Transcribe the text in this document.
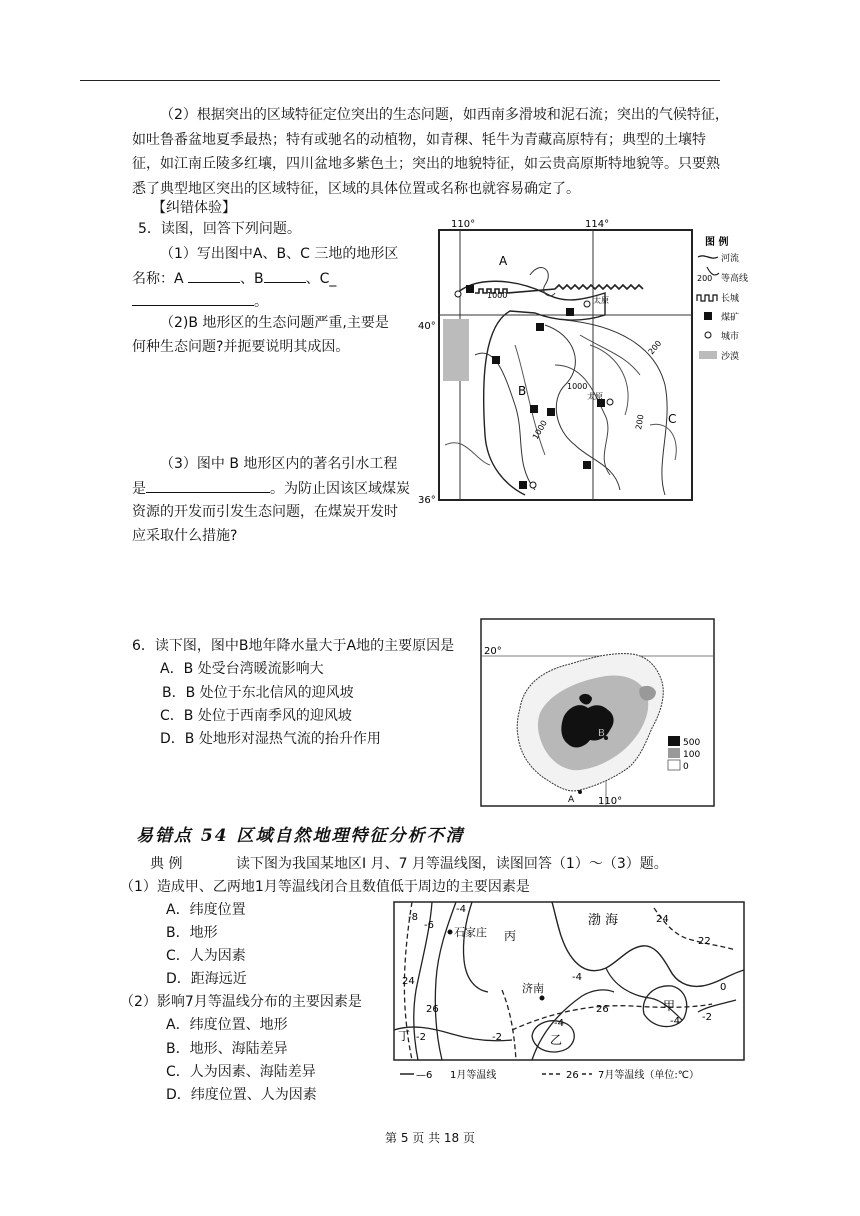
（2）根据突出的区域特征定位突出的生态问题，如西南多滑坡和泥石流；突出的气候特征，如吐鲁番盆地夏季最热；特有或驰名的动植物，如青稞、牦牛为青藏高原特有；典型的土壤特征，如江南丘陵多红壤，四川盆地多紫色土；突出的地貌特征，如云贵高原斯特地貌等。只要熟悉了典型地区突出的区域特征，区域的具体位置或名称也就容易确定了。
【纠错体验】
5．读图，回答下列问题。
（1）写出图中A、B、C 三地的地形区
名称：A	、B	、C_
。
（2)B 地形区的生态问题严重,主要是
何种生态问题?并扼要说明其成因。
（3）图中 B 地形区内的著名引水工程
是	。为防止因该区域煤炭
资源的开发而引发生态问题，在煤炭开发时
应采取什么措施?
110°	114°
40°
36°
A
B
C
1000
1000
1000
200
200
太原
太原
图 例
河流
200 等高线
长城
煤矿
城市
沙漠
6．读下图，图中B地年降水量大于A地的主要原因是
A．B 处受台湾暖流影响大
B．B 处位于东北信风的迎风坡
C．B 处位于西南季风的迎风坡
D．B 处地形对湿热气流的抬升作用
20°
110°
B
A
500
100
0
易错点 54 区域自然地理特征分析不清
典 例	读下图为我国某地区I 月、7 月等温线图，读图回答（1）～（3）题。
（1）造成甲、乙两地1月等温线闭合且数值低于周边的主要因素是
A．纬度位置
B．地形
C．人为因素
D．距海远近
（2）影响7月等温线分布的主要因素是
A．纬度位置、地形
B．地形、海陆差异
C．人为因素、海陆差异
D．纬度位置、人为因素
渤 海
石家庄 丙
济南
甲
乙
丁
-8
-6
-4
-4
-4
-4
-2	-2
-2
24
24
26	26
22
0
—6 1月等温线	26 7月等温线（单位:℃）
第 5 页 共 18 页
